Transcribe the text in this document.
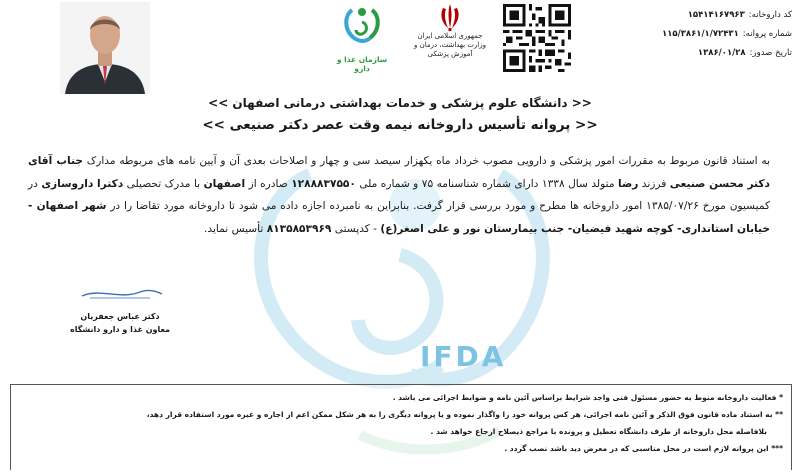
IFDA
کد داروخانه:
۱۵۴۱۴۱۶۷۹۶۳
شماره پروانه:
۱۱۵/۳۸۶۱/۱/۷۲۴۳۱
تاریخ صدور:
۱۳۸۶/۰۱/۲۸
جمهوری اسلامی ایران
وزارت بهداشت، درمان و آموزش پزشکی
سازمان غذا و دارو
<< دانشگاه علوم پزشکی و خدمات بهداشتی درمانی اصفهان >>
<< پروانه تأسیس داروخانه نیمه وقت عصر دکتر صنیعی >>
به استناد قانون مربوط به مقررات امور پزشکی و دارویی مصوب خرداد ماه یکهزار سیصد سی و چهار و اصلاحات بعدی آن و آیین نامه های مربوطه مدارک جناب آقای دکتر محسن صنیعی فرزند رضا متولد سال ۱۳۳۸ دارای شماره شناسنامه ۷۵ و شماره ملی ۱۲۸۸۸۳۷۵۵۰ صادره از اصفهان با مدرک تحصیلی دکترا داروسازی در کمیسیون مورخ ۱۳۸۵/۰۷/۲۶ امور داروخانه ها مطرح و مورد بررسی قرار گرفت. بنابراین به نامبرده اجازه داده می شود تا داروخانه مورد تقاضا را در شهر اصفهان - خیابان استانداری- کوچه شهید فیضیان- جنب بیمارستان نور و علی اصغر(ع) - کدپستی ۸۱۳۵۸۵۳۹۶۹ تأسیس نماید.
دکتر عباس جعفریان
معاون غذا و دارو دانشگاه
* فعالیت داروخانه منوط به حضور مسئول فنی واجد شرایط براساس آئین نامه و ضوابط اجرائی می باشد .
** به استناد ماده قانون فوق الذکر و آئین نامه اجرائی، هر کس پروانه خود را واگذار نموده و یا پروانه دیگری را به هر شکل ممکن اعم از اجاره و غیره مورد استفاده قرار دهد،
بلافاصله محل داروخانه از طرف دانشگاه تعطیل و پرونده با مراجع ذیصلاح ارجاع خواهد شد .
*** این پروانه لازم است در محل مناسبی که در معرض دید باشد نصب گردد .
